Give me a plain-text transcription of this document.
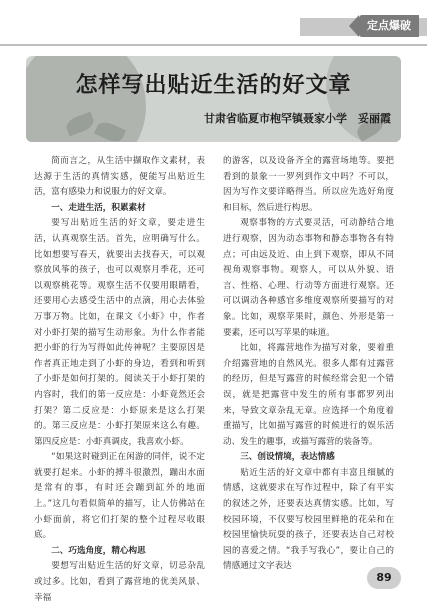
定点爆破
怎样写出贴近生活的好文章
甘肃省临夏市枹罕镇聂家小学　妥丽霞

简而言之，从生活中撷取作文素材，表达源于生活的真情实感，便能写出贴近生活，富有感染力和说服力的好文章。

一、走进生活，积累素材

要写出贴近生活的好文章，要走进生活，认真观察生活。首先，应明确写什么。比如想要写春天，就要出去找春天，可以观察放风筝的孩子，也可以观察月季花，还可以观察桃花等。观察生活不仅要用眼睛看，还要用心去感受生活中的点滴，用心去体验万事万物。比如，在课文《小虾》中，作者对小虾打架的描写生动形象。为什么作者能把小虾的行为写得如此传神呢？主要原因是作者真正地走到了小虾的身边，看到和听到了小虾是如何打架的。阅读关于小虾打架的内容时，我们的第一反应是：小虾竟然还会打架？第二反应是：小虾原来是这么打架的。第三反应是：小虾打架原来这么有趣。第四反应是：小虾真调皮，我喜欢小虾。

“如果这时碰到正在闲游的同伴，说不定就要打起来。小虾的搏斗很激烈，蹦出水面是常有的事，有时还会蹦到缸外的地面上。”这几句看似简单的描写，让人仿佛站在小虾面前，将它们打架的整个过程尽收眼底。

二、巧选角度，精心构思

要想写出贴近生活的好文章，切忌杂乱或过多。比如，看到了露营地的优美风景、幸福

的游客，以及设备齐全的露营场地等。要把看到的景象一一罗列到作文中吗？不可以，因为写作文要详略得当。所以应先选好角度和目标，然后进行构思。

观察事物的方式要灵活，可动静结合地进行观察，因为动态事物和静态事物各有特点；可由远及近、由上到下观察，即从不同视角观察事物。观察人，可以从外貌、语言、性格、心理、行动等方面进行观察。还可以调动各种感官多维度观察所要描写的对象。比如，观察苹果时，颜色、外形是第一要素，还可以写苹果的味道。

比如，将露营地作为描写对象，要着重介绍露营地的自然风光。很多人都有过露营的经历，但是写露营的时候经常会犯一个错误，就是把露营中发生的所有事都罗列出来，导致文章杂乱无章。应选择一个角度着重描写，比如描写露营的时候进行的娱乐活动、发生的趣事，或描写露营的装备等。

三、创设情境，表达情感

贴近生活的好文章中都有丰富且细腻的情感，这就要求在写作过程中，除了有平实的叙述之外，还要表达真情实感。比如，写校园环境，不仅要写校园里鲜艳的花朵和在校园里愉快玩耍的孩子，还要表达自己对校园的喜爱之情。“我手写我心”，要让自己的情感通过文字表达

89
